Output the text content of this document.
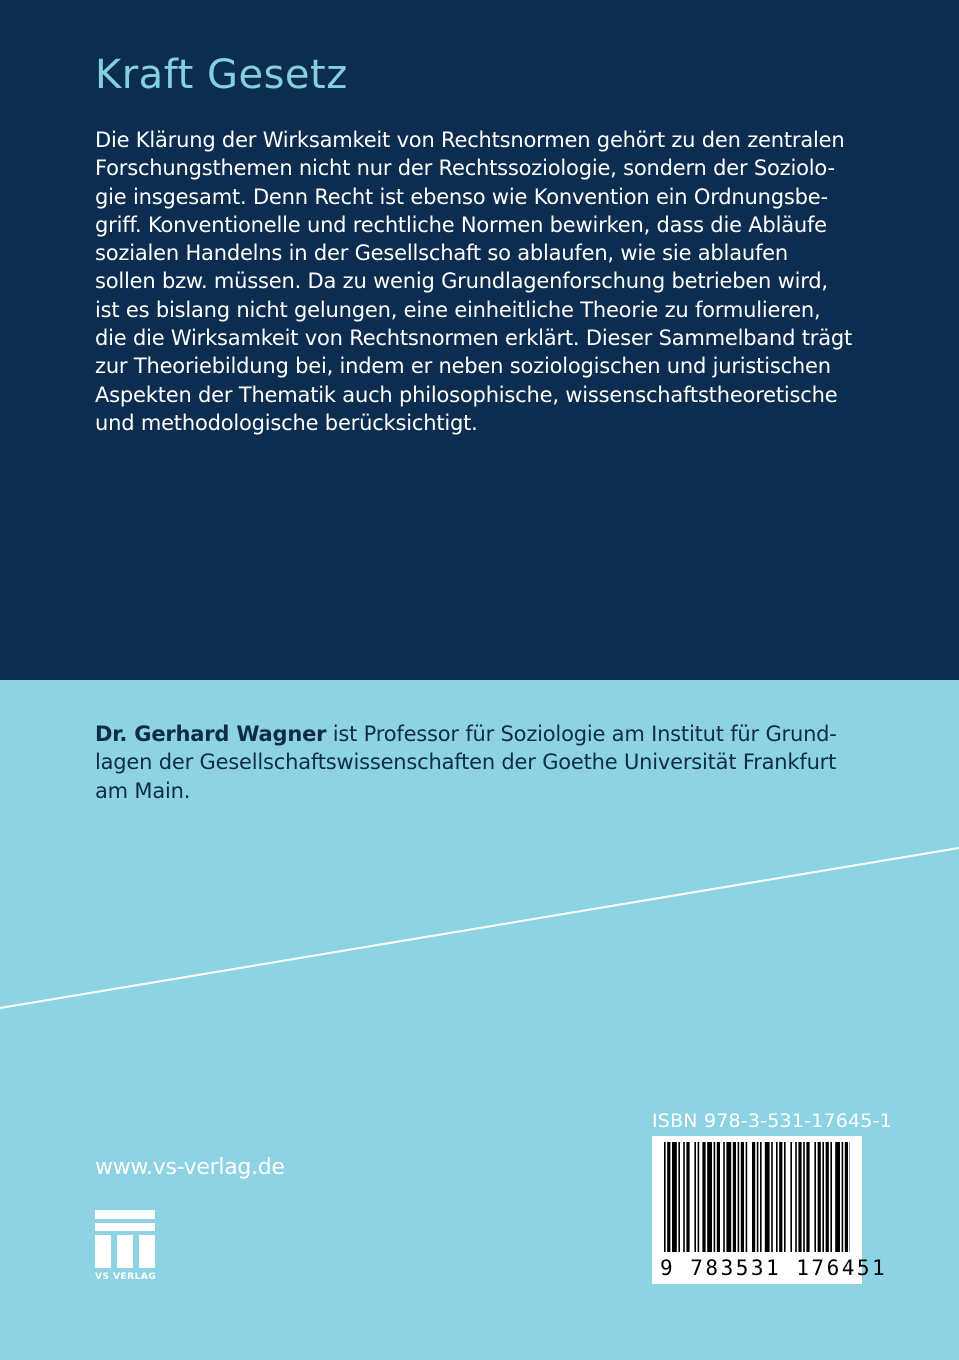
Kraft Gesetz
Die Klärung der Wirksamkeit von Rechtsnormen gehört zu den zentralen
Forschungsthemen nicht nur der Rechtssoziologie, sondern der Soziolo-
gie insgesamt. Denn Recht ist ebenso wie Konvention ein Ordnungsbe-
griff. Konventionelle und rechtliche Normen bewirken, dass die Abläufe
sozialen Handelns in der Gesellschaft so ablaufen, wie sie ablaufen
sollen bzw. müssen. Da zu wenig Grundlagenforschung betrieben wird,
ist es bislang nicht gelungen, eine einheitliche Theorie zu formulieren,
die die Wirksamkeit von Rechtsnormen erklärt. Dieser Sammelband trägt
zur Theoriebildung bei, indem er neben soziologischen und juristischen
Aspekten der Thematik auch philosophische, wissenschaftstheoretische
und methodologische berücksichtigt.
Dr. Gerhard Wagner ist Professor für Soziologie am Institut für Grund-
lagen der Gesellschaftswissenschaften der Goethe Universität Frankfurt
am Main.
www.vs-verlag.de
VS VERLAG
ISBN 978-3-531-17645-1
9 783531 176451
